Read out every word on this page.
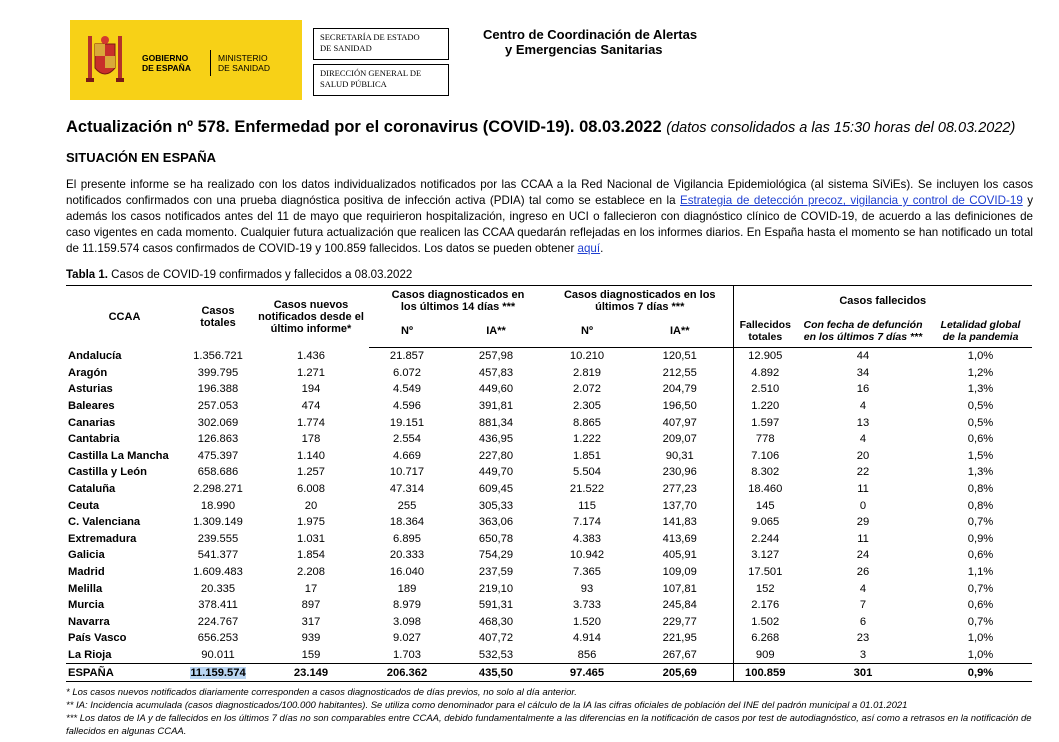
GOBIERNO
DE ESPAÑA
MINISTERIO
DE SANIDAD
SECRETARÍA DE ESTADO
DE SANIDAD
DIRECCIÓN GENERAL DE
SALUD PÚBLICA
Centro de Coordinación de Alertas
y Emergencias Sanitarias
Actualización nº 578. Enfermedad por el coronavirus (COVID-19). 08.03.2022 (datos consolidados a las 15:30 horas del 08.03.2022)
SITUACIÓN EN ESPAÑA
El presente informe se ha realizado con los datos individualizados notificados por las CCAA a la Red Nacional de Vigilancia Epidemiológica (al sistema SiViEs). Se incluyen los casos notificados confirmados con una prueba diagnóstica positiva de infección activa (PDIA) tal como se establece en la Estrategia de detección precoz, vigilancia y control de COVID-19 y además los casos notificados antes del 11 de mayo que requirieron hospitalización, ingreso en UCI o fallecieron con diagnóstico clínico de COVID-19, de acuerdo a las definiciones de caso vigentes en cada momento. Cualquier futura actualización que realicen las CCAA quedarán reflejadas en los informes diarios. En España hasta el momento se han notificado un total de 11.159.574 casos confirmados de COVID-19 y 100.859 fallecidos. Los datos se pueden obtener aquí.
Tabla 1. Casos de COVID-19 confirmados y fallecidos a 08.03.2022
CCAA	Casos totales	Casos nuevos notificados desde el último informe*	Casos diagnosticados en los últimos 14 días ***		Casos diagnosticados en los últimos 7 días ***		Casos fallecidos		
			Nº	IA**	Nº	IA**	Fallecidos totales	Con fecha de defunción en los últimos 7 días ***	Letalidad global de la pandemia
Andalucía	1.356.721	1.436	21.857	257,98	10.210	120,51	12.905	44	1,0%
Aragón	399.795	1.271	6.072	457,83	2.819	212,55	4.892	34	1,2%
Asturias	196.388	194	4.549	449,60	2.072	204,79	2.510	16	1,3%
Baleares	257.053	474	4.596	391,81	2.305	196,50	1.220	4	0,5%
Canarias	302.069	1.774	19.151	881,34	8.865	407,97	1.597	13	0,5%
Cantabria	126.863	178	2.554	436,95	1.222	209,07	778	4	0,6%
Castilla La Mancha	475.397	1.140	4.669	227,80	1.851	90,31	7.106	20	1,5%
Castilla y León	658.686	1.257	10.717	449,70	5.504	230,96	8.302	22	1,3%
Cataluña	2.298.271	6.008	47.314	609,45	21.522	277,23	18.460	11	0,8%
Ceuta	18.990	20	255	305,33	115	137,70	145	0	0,8%
C. Valenciana	1.309.149	1.975	18.364	363,06	7.174	141,83	9.065	29	0,7%
Extremadura	239.555	1.031	6.895	650,78	4.383	413,69	2.244	11	0,9%
Galicia	541.377	1.854	20.333	754,29	10.942	405,91	3.127	24	0,6%
Madrid	1.609.483	2.208	16.040	237,59	7.365	109,09	17.501	26	1,1%
Melilla	20.335	17	189	219,10	93	107,81	152	4	0,7%
Murcia	378.411	897	8.979	591,31	3.733	245,84	2.176	7	0,6%
Navarra	224.767	317	3.098	468,30	1.520	229,77	1.502	6	0,7%
País Vasco	656.253	939	9.027	407,72	4.914	221,95	6.268	23	1,0%
La Rioja	90.011	159	1.703	532,53	856	267,67	909	3	1,0%
ESPAÑA	11.159.574	23.149	206.362	435,50	97.465	205,69	100.859	301	0,9%
* Los casos nuevos notificados diariamente corresponden a casos diagnosticados de días previos, no solo al día anterior.
** IA: Incidencia acumulada (casos diagnosticados/100.000 habitantes). Se utiliza como denominador para el cálculo de la IA las cifras oficiales de población del INE del padrón municipal a 01.01.2021
*** Los datos de IA y de fallecidos en los últimos 7 días no son comparables entre CCAA, debido fundamentalmente a las diferencias en la notificación de casos por test de autodiagnóstico, así como a retrasos en la notificación de fallecidos en algunas CCAA.
